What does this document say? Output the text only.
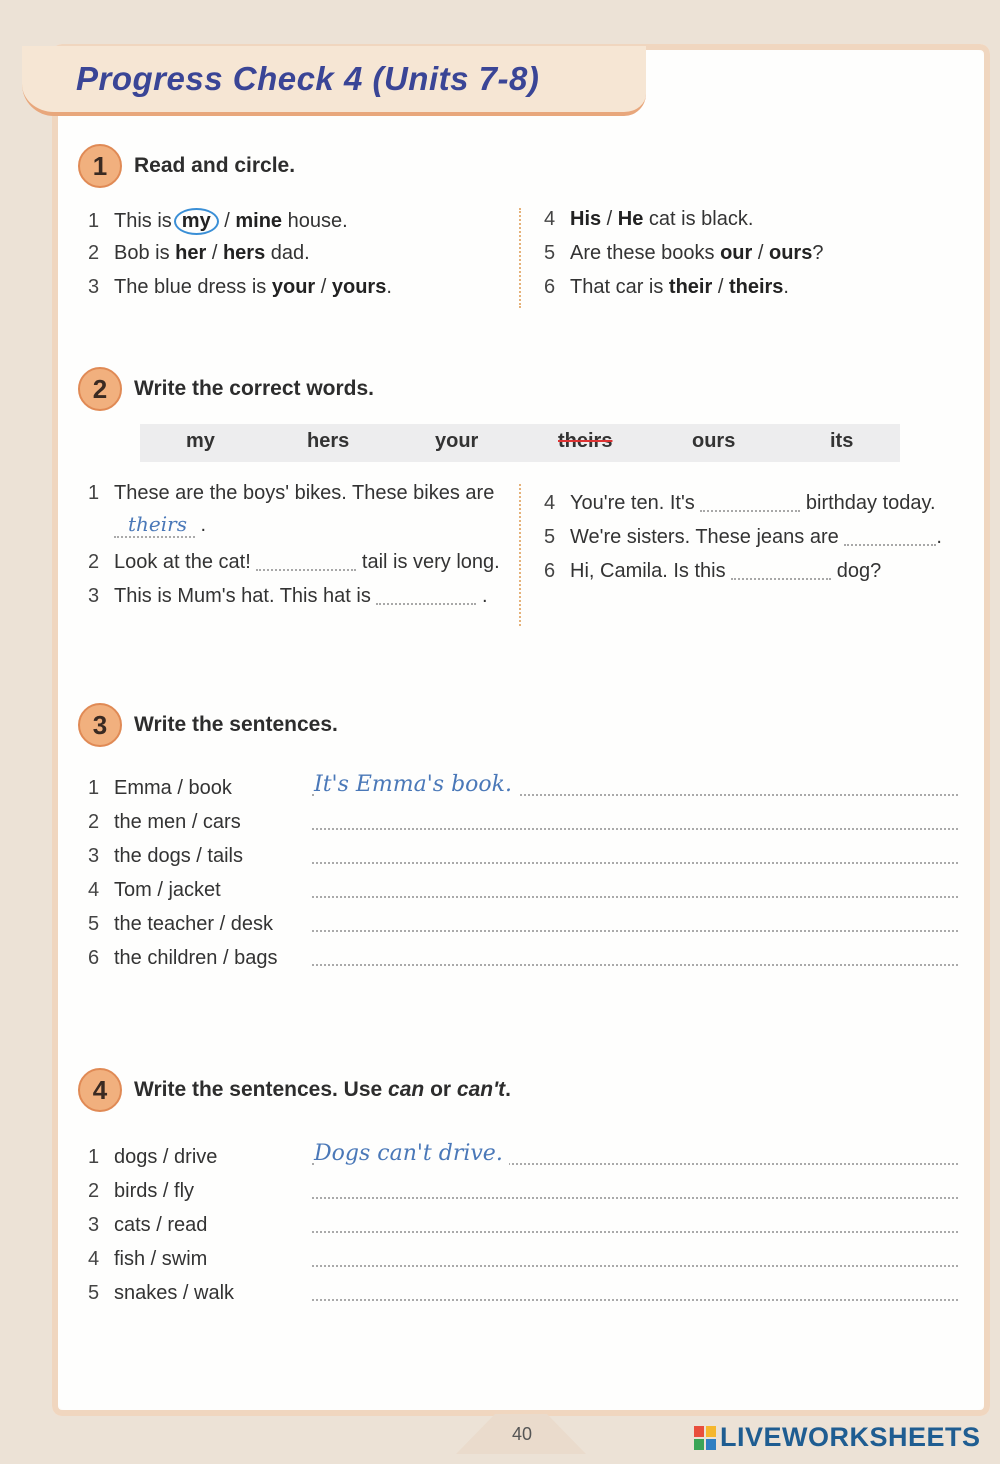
Progress Check 4 (Units 7-8)
1	Read and circle.
1 This is my / mine house.
2 Bob is her / hers dad.
3 The blue dress is your / yours.
4 His / He cat is black.
5 Are these books our / ours?
6 That car is their / theirs.
2	Write the correct words.
my	hers	your	theirs	ours	its
1 These are the boys' bikes. These bikes are
theirs .
2 Look at the cat!	tail is very long.
3 This is Mum's hat. This hat is	.
4 You're ten. It's	birthday today.
5 We're sisters. These jeans are	.
6 Hi, Camila. Is this	dog?
3	Write the sentences.
1 Emma / book	It's Emma's book.
2 the men / cars
3 the dogs / tails
4 Tom / jacket
5 the teacher / desk
6 the children / bags
4	Write the sentences. Use can or can't.
1 dogs / drive	Dogs can't drive.
2 birds / fly
3 cats / read
4 fish / swim
5 snakes / walk
40	LIVEWORKSHEETS
